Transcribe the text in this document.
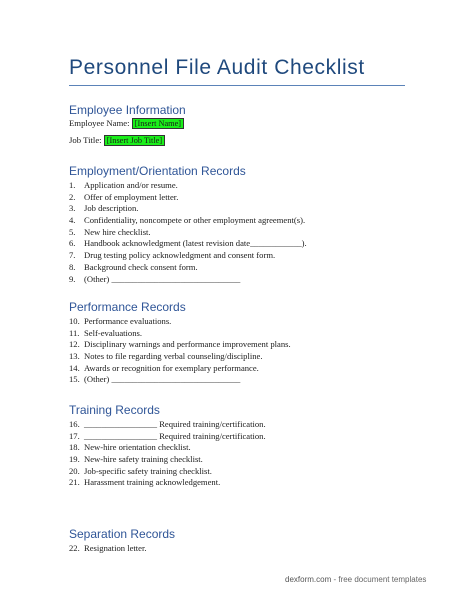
Personnel File Audit Checklist
Employee Information
Employee Name: [Insert Name]
Job Title: [Insert Job Title]
Employment/Orientation Records
1. Application and/or resume.
2. Offer of employment letter.
3. Job description.
4. Confidentiality, noncompete or other employment agreement(s).
5. New hire checklist.
6. Handbook acknowledgment (latest revision date____________).
7. Drug testing policy acknowledgment and consent form.
8. Background check consent form.
9. (Other) ______________________________
Performance Records
10. Performance evaluations.
11. Self-evaluations.
12. Disciplinary warnings and performance improvement plans.
13. Notes to file regarding verbal counseling/discipline.
14. Awards or recognition for exemplary performance.
15. (Other) ______________________________
Training Records
16. _________________ Required training/certification.
17. _________________ Required training/certification.
18. New-hire orientation checklist.
19. New-hire safety training checklist.
20. Job-specific safety training checklist.
21. Harassment training acknowledgement.
Separation Records
22. Resignation letter.
dexform.com - free document templates
